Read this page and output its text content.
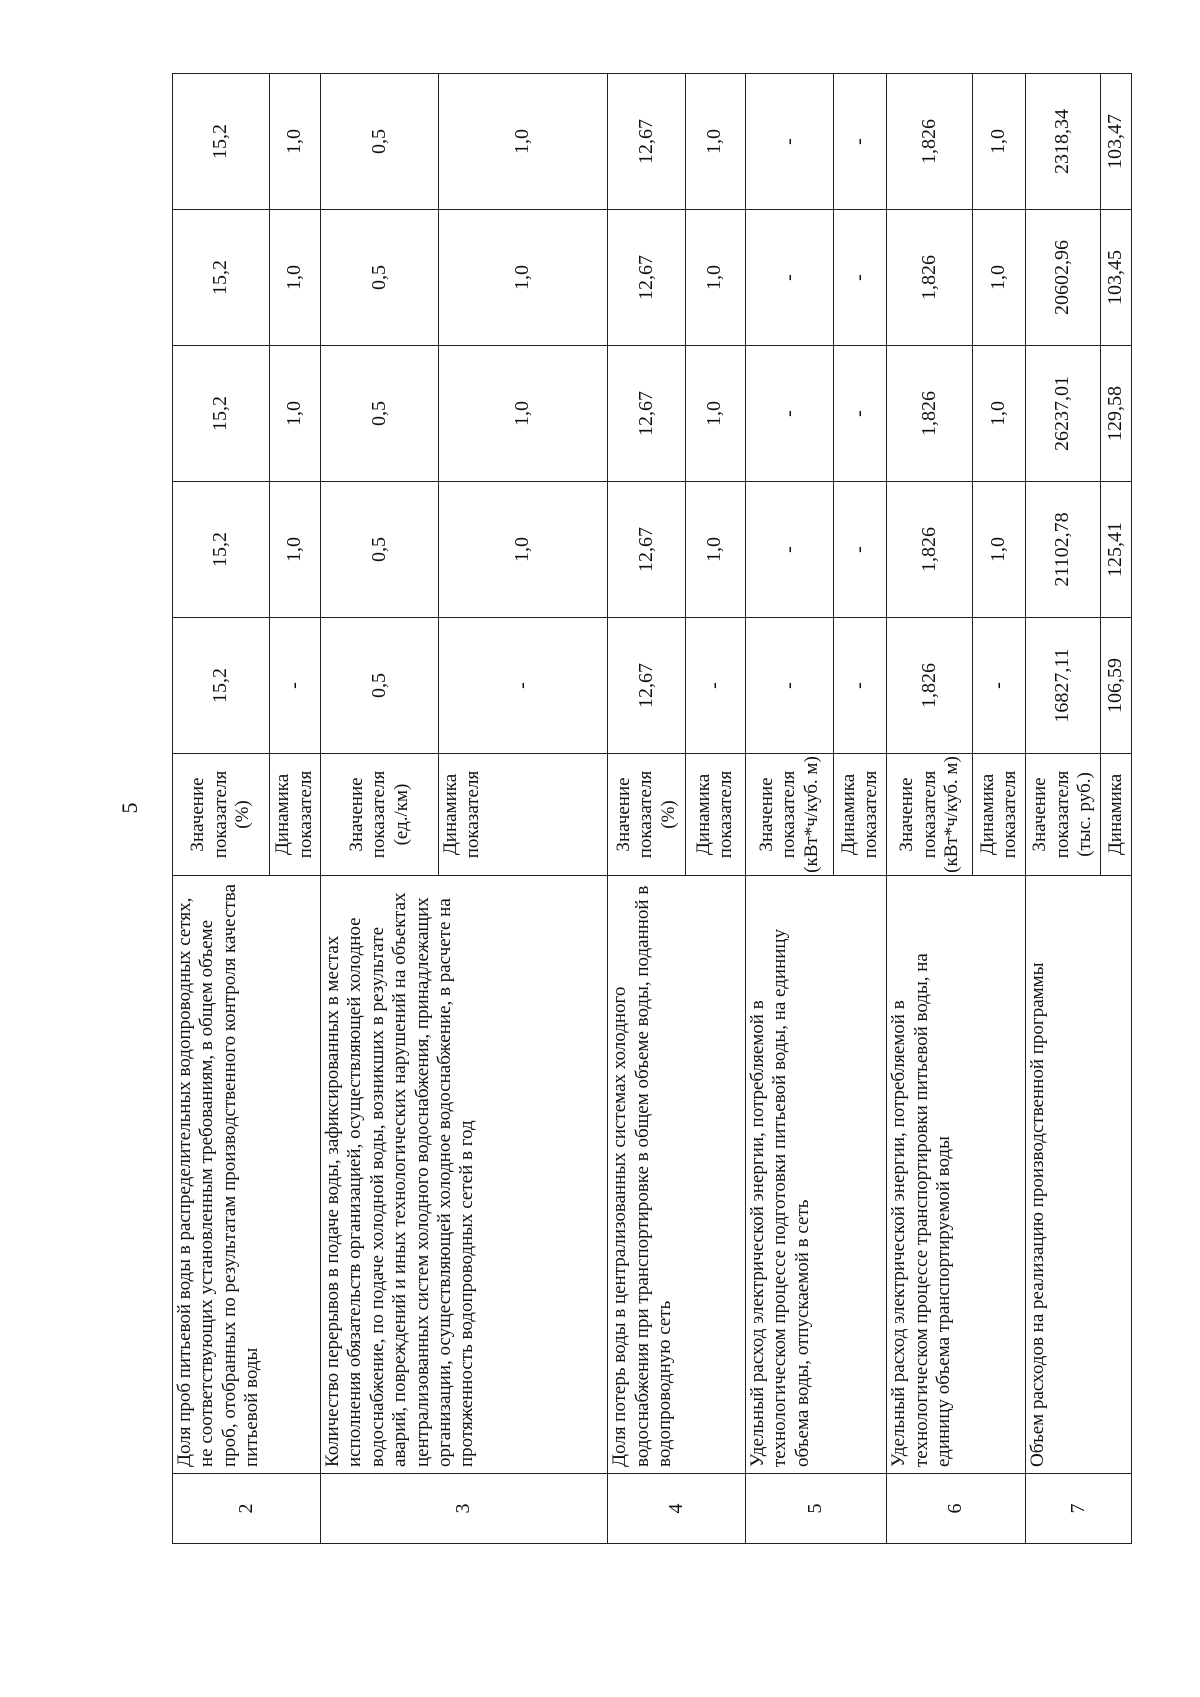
5
2	Доля проб питьевой воды в распределительных водопроводных сетях, не соответствующих установленным требованиям, в общем объеме проб, отобранных по результатам производственного контроля качества питьевой воды	Значение показателя (%)	15,2	15,2	15,2	15,2	15,2
		Динамика показателя	-	1,0	1,0	1,0	1,0
3	Количество перерывов в подаче воды, зафиксированных в местах исполнения обязательств организацией, осуществляющей холодное водоснабжение, по подаче холодной воды, возникших в результате аварий, повреждений и иных технологических нарушений на объектах централизованных систем холодного водоснабжения, принадлежащих организации, осуществляющей холодное водоснабжение, в расчете на протяженность водопроводных сетей в год	Значение показателя (ед./км)	0,5	0,5	0,5	0,5	0,5
		Динамика показателя	-	1,0	1,0	1,0	1,0
4	Доля потерь воды в централизованных системах холодного водоснабжения при транспортировке в общем объеме воды, поданной в водопроводную сеть	Значение показателя (%)	12,67	12,67	12,67	12,67	12,67
		Динамика показателя	-	1,0	1,0	1,0	1,0
5	Удельный расход электрической энергии, потребляемой в технологическом процессе подготовки питьевой воды, на единицу объема воды, отпускаемой в сеть	Значение показателя (кВт*ч/куб. м)	-	-	-	-	-
		Динамика показателя	-	-	-	-	-
6	Удельный расход электрической энергии, потребляемой в технологическом процессе транспортировки питьевой воды, на единицу объема транспортируемой воды	Значение показателя (кВт*ч/куб. м)	1,826	1,826	1,826	1,826	1,826
		Динамика показателя	-	1,0	1,0	1,0	1,0
7	Объем расходов на реализацию производственной программы	Значение показателя (тыс. руб.)	16827,11	21102,78	26237,01	20602,96	2318,34
		Динамика	106,59	125,41	129,58	103,45	103,47
